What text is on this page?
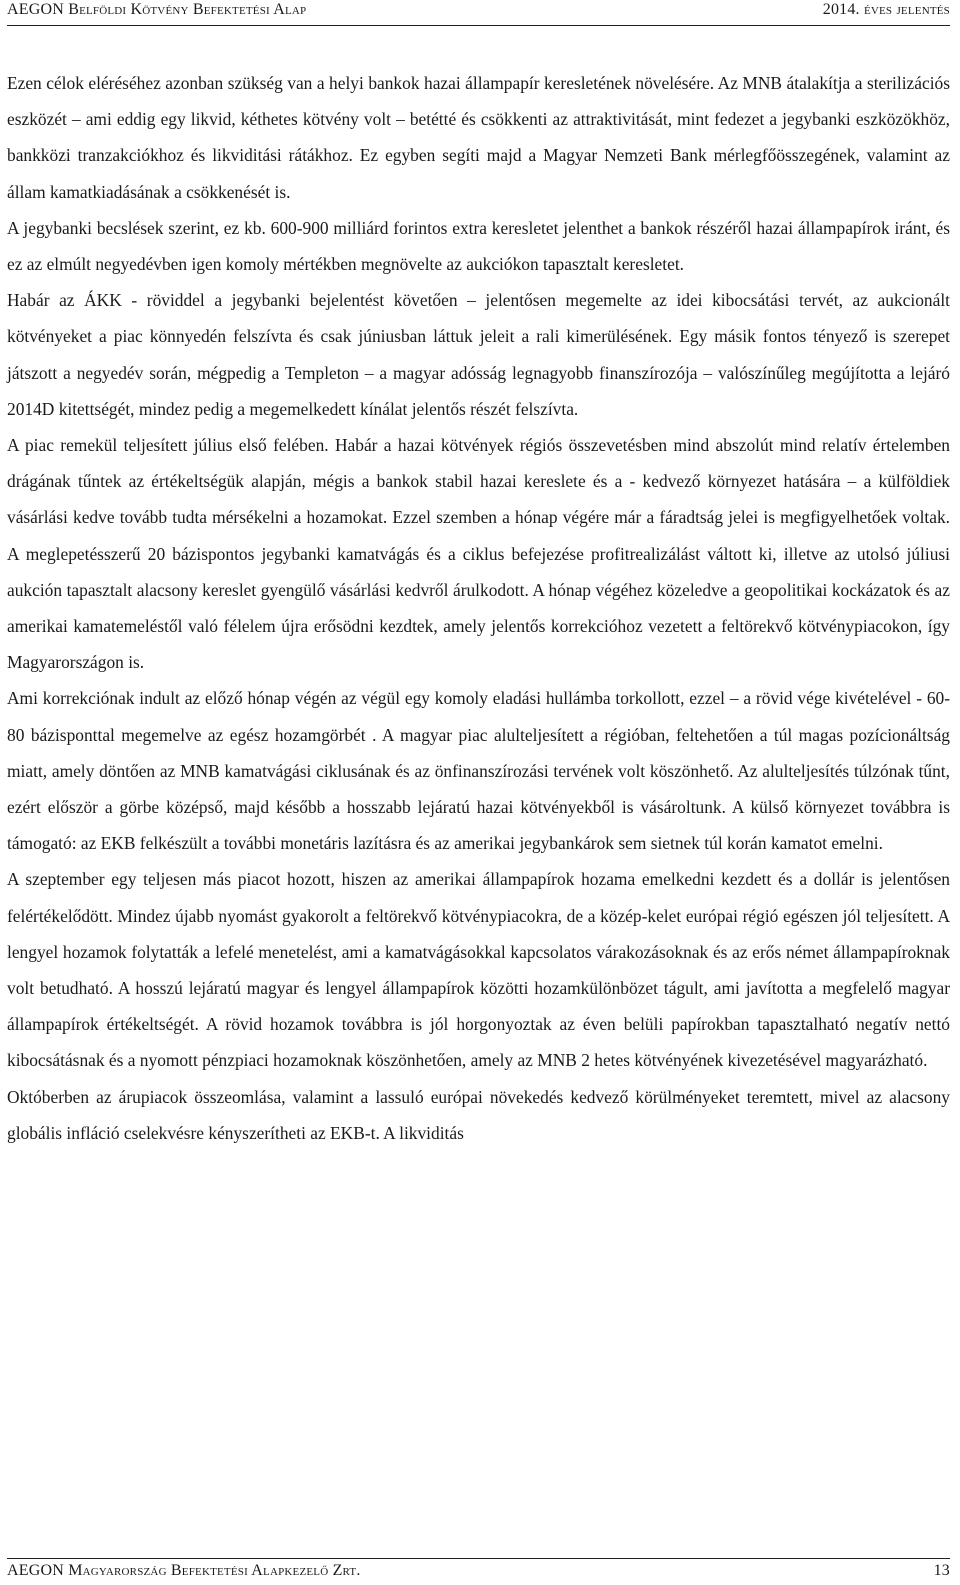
AEGON Belföldi Kötvény Befektetési Alap	2014. éves jelentés

Ezen célok eléréséhez azonban szükség van a helyi bankok hazai állampapír keresletének növelésére. Az MNB átalakítja a sterilizációs eszközét – ami eddig egy likvid, kéthetes kötvény volt – betétté és csökkenti az attraktivitását, mint fedezet a jegybanki eszközökhöz, bankközi tranzakciókhoz és likviditási rátákhoz. Ez egyben segíti majd a Magyar Nemzeti Bank mérlegfőösszegének, valamint az állam kamatkiadásának a csökkenését is.

A jegybanki becslések szerint, ez kb. 600-900 milliárd forintos extra keresletet jelenthet a bankok részéről hazai állampapírok iránt, és ez az elmúlt negyedévben igen komoly mértékben megnövelte az aukciókon tapasztalt keresletet.

Habár az ÁKK - röviddel a jegybanki bejelentést követően – jelentősen megemelte az idei kibocsátási tervét, az aukcionált kötvényeket a piac könnyedén felszívta és csak júniusban láttuk jeleit a rali kimerülésének. Egy másik fontos tényező is szerepet játszott a negyedév során, mégpedig a Templeton – a magyar adósság legnagyobb finanszírozója – valószínűleg megújította a lejáró 2014D kitettségét, mindez pedig a megemelkedett kínálat jelentős részét felszívta.

A piac remekül teljesített július első felében. Habár a hazai kötvények régiós összevetésben mind abszolút mind relatív értelemben drágának tűntek az értékeltségük alapján, mégis a bankok stabil hazai kereslete és a - kedvező környezet hatására – a külföldiek vásárlási kedve tovább tudta mérsékelni a hozamokat. Ezzel szemben a hónap végére már a fáradtság jelei is megfigyelhetőek voltak. A meglepetésszerű 20 bázispontos jegybanki kamatvágás és a ciklus befejezése profitrealizálást váltott ki, illetve az utolsó júliusi aukción tapasztalt alacsony kereslet gyengülő vásárlási kedvről árulkodott. A hónap végéhez közeledve a geopolitikai kockázatok és az amerikai kamatemeléstől való félelem újra erősödni kezdtek, amely jelentős korrekcióhoz vezetett a feltörekvő kötvénypiacokon, így Magyarországon is.

Ami korrekciónak indult az előző hónap végén az végül egy komoly eladási hullámba torkollott, ezzel – a rövid vége kivételével - 60-80 bázisponttal megemelve az egész hozamgörbét . A magyar piac alulteljesített a régióban, feltehetően a túl magas pozícionáltság miatt, amely döntően az MNB kamatvágási ciklusának és az önfinanszírozási tervének volt köszönhető. Az alulteljesítés túlzónak tűnt, ezért először a görbe középső, majd később a hosszabb lejáratú hazai kötvényekből is vásároltunk. A külső környezet továbbra is támogató: az EKB felkészült a további monetáris lazításra és az amerikai jegybankárok sem sietnek túl korán kamatot emelni.

A szeptember egy teljesen más piacot hozott, hiszen az amerikai állampapírok hozama emelkedni kezdett és a dollár is jelentősen felértékelődött. Mindez újabb nyomást gyakorolt a feltörekvő kötvénypiacokra, de a közép-kelet európai régió egészen jól teljesített. A lengyel hozamok folytatták a lefelé menetelést, ami a kamatvágásokkal kapcsolatos várakozásoknak és az erős német állampapíroknak volt betudható. A hosszú lejáratú magyar és lengyel állampapírok közötti hozamkülönbözet tágult, ami javította a megfelelő magyar állampapírok értékeltségét. A rövid hozamok továbbra is jól horgonyoztak az éven belüli papírokban tapasztalható negatív nettó kibocsátásnak és a nyomott pénzpiaci hozamoknak köszönhetően, amely az MNB 2 hetes kötvényének kivezetésével magyarázható.

Októberben az árupiacok összeomlása, valamint a lassuló európai növekedés kedvező körülményeket teremtett, mivel az alacsony globális infláció cselekvésre kényszerítheti az EKB-t. A likviditás

AEGON Magyarország Befektetési Alapkezelő Zrt.	13
